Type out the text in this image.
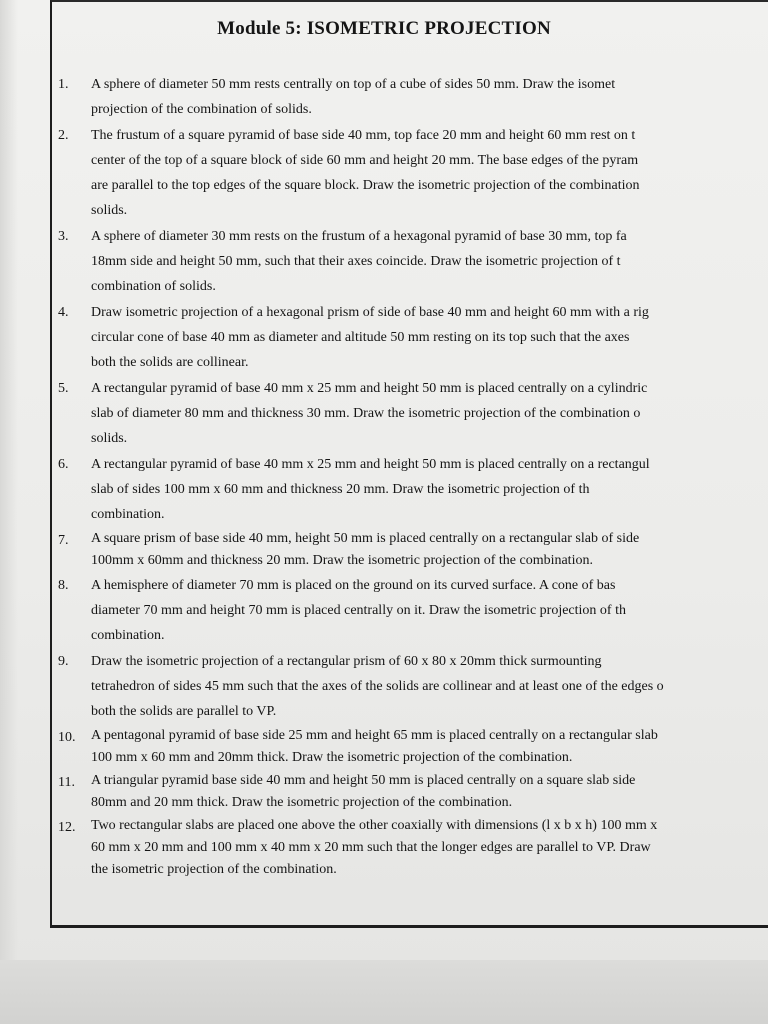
Module 5: ISOMETRIC PROJECTION
1.	A sphere of diameter 50 mm rests centrally on top of a cube of sides 50 mm. Draw the isomet
projection of the combination of solids.
2.	The frustum of a square pyramid of base side 40 mm, top face 20 mm and height 60 mm rest on t
center of the top of a square block of side 60 mm and height 20 mm. The base edges of the pyram
are parallel to the top edges of the square block. Draw the isometric projection of the combination
solids.
3.	A sphere of diameter 30 mm rests on the frustum of a hexagonal pyramid of base 30 mm, top fa
18mm side and height 50 mm, such that their axes coincide. Draw the isometric projection of t
combination of solids.
4.	Draw isometric projection of a hexagonal prism of side of base 40 mm and height 60 mm with a rig
circular cone of base 40 mm as diameter and altitude 50 mm resting on its top such that the axes
both the solids are collinear.
5.	A rectangular pyramid of base 40 mm x 25 mm and height 50 mm is placed centrally on a cylindric
slab of diameter 80 mm and thickness 30 mm. Draw the isometric projection of the combination o
solids.
6.	A rectangular pyramid of base 40 mm x 25 mm and height 50 mm is placed centrally on a rectangul
slab of sides 100 mm x 60 mm and thickness 20 mm. Draw the isometric projection of th
combination.
7.	A square prism of base side 40 mm, height 50 mm is placed centrally on a rectangular slab of side
100mm x 60mm and thickness 20 mm. Draw the isometric projection of the combination.
8.	A hemisphere of diameter 70 mm is placed on the ground on its curved surface. A cone of bas
diameter 70 mm and height 70 mm is placed centrally on it. Draw the isometric projection of th
combination.
9.	Draw the isometric projection of a rectangular prism of 60 x 80 x 20mm thick surmounting
tetrahedron of sides 45 mm such that the axes of the solids are collinear and at least one of the edges o
both the solids are parallel to VP.
10.	A pentagonal pyramid of base side 25 mm and height 65 mm is placed centrally on a rectangular slab
100 mm x 60 mm and 20mm thick. Draw the isometric projection of the combination.
11.	A triangular pyramid base side 40 mm and height 50 mm is placed centrally on a square slab side
80mm and 20 mm thick. Draw the isometric projection of the combination.
12.	Two rectangular slabs are placed one above the other coaxially with dimensions (l x b x h) 100 mm x
60 mm x 20 mm and 100 mm x 40 mm x 20 mm such that the longer edges are parallel to VP. Draw
the isometric projection of the combination.
